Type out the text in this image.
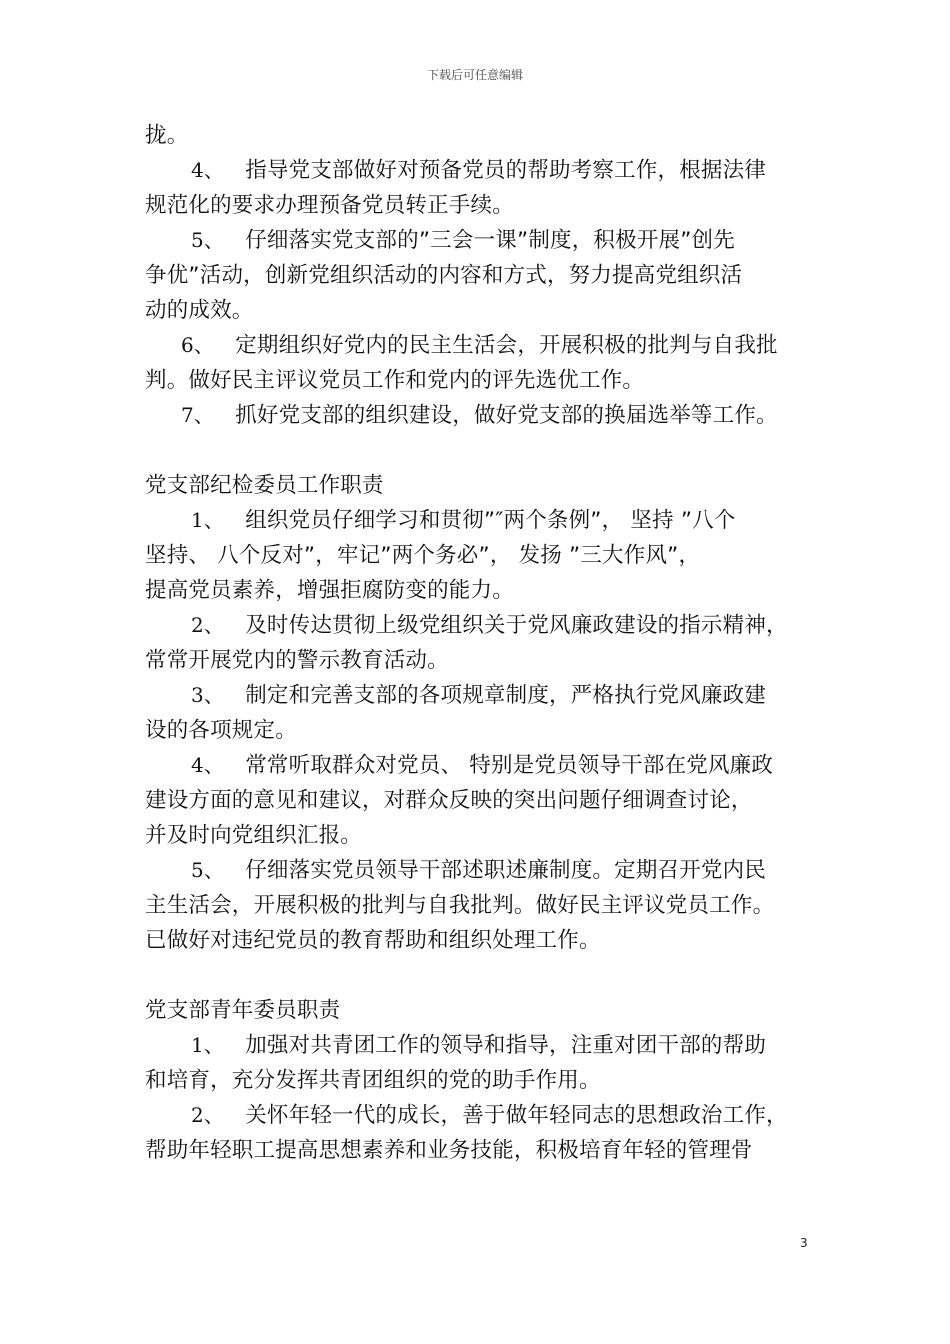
下载后可任意编辑
拢。
4、 指导党支部做好对预备党员的帮助考察工作，根据法律
规范化的要求办理预备党员转正手续。
5、 仔细落实党支部的”三会一课”制度，积极开展”创先
争优”活动，创新党组织活动的内容和方式，努力提高党组织活
动的成效。
6、 定期组织好党内的民主生活会，开展积极的批判与自我批
判。做好民主评议党员工作和党内的评先选优工作。
7、 抓好党支部的组织建设，做好党支部的换届选举等工作。
党支部纪检委员工作职责
1、 组织党员仔细学习和贯彻”″两个条例”， 坚持 ”八个
坚持、 八个反对”，牢记”两个务必”， 发扬 ”三大作风”，
提高党员素养，增强拒腐防变的能力。
2、 及时传达贯彻上级党组织关于党风廉政建设的指示精神，
常常开展党内的警示教育活动。
3、 制定和完善支部的各项规章制度，严格执行党风廉政建
设的各项规定。
4、 常常听取群众对党员、 特别是党员领导干部在党风廉政
建设方面的意见和建议，对群众反映的突出问题仔细调查讨论，
并及时向党组织汇报。
5、 仔细落实党员领导干部述职述廉制度。定期召开党内民
主生活会，开展积极的批判与自我批判。做好民主评议党员工作。
已做好对违纪党员的教育帮助和组织处理工作。
党支部青年委员职责
1、 加强对共青团工作的领导和指导，注重对团干部的帮助
和培育，充分发挥共青团组织的党的助手作用。
2、 关怀年轻一代的成长，善于做年轻同志的思想政治工作，
帮助年轻职工提高思想素养和业务技能，积极培育年轻的管理骨
3
